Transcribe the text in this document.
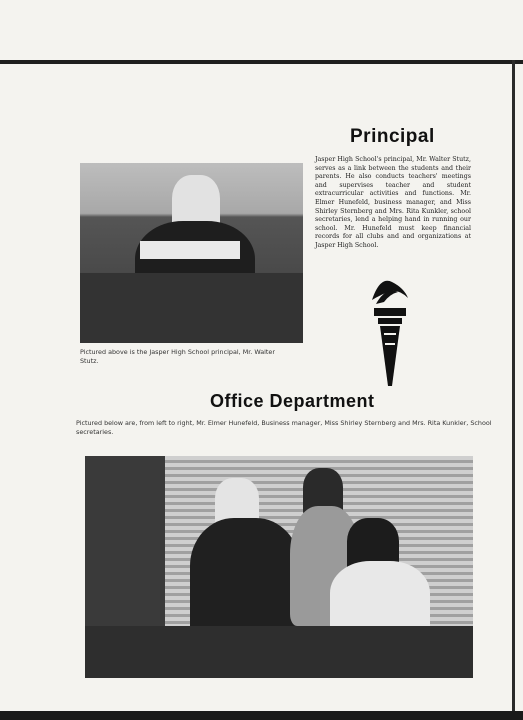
Principal
Jasper High School's principal, Mr. Walter Stutz, serves as a link between the students and their parents. He also conducts teachers' meetings and supervises teacher and student extracurricular activities and functions. Mr. Elmer Hunefeld, business manager, and Miss Shirley Sternberg and Mrs. Rita Kunkler, school secretaries, lend a helping hand in running our school. Mr. Hunefeld must keep financial records for all clubs and and organizations at Jasper High School.
Pictured above is the Jasper High School principal, Mr. Walter Stutz.
Office Department
Pictured below are, from left to right, Mr. Elmer Hunefeld, Business manager, Miss Shirley Sternberg and Mrs. Rita Kunkler, School secretaries.
